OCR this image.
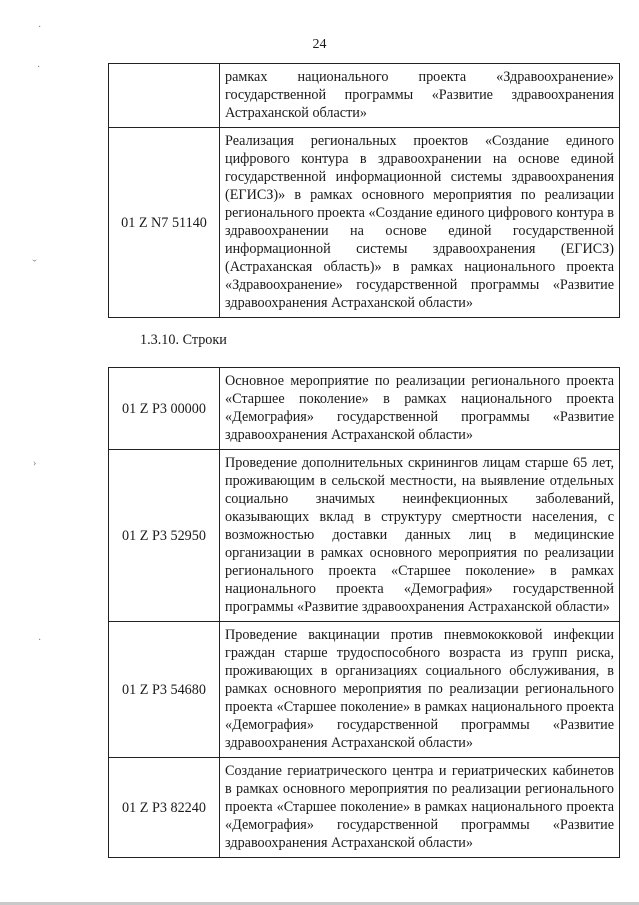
24
	рамках национального проекта «Здравоохранение» государственной программы «Развитие здравоохранения Астраханской области»
01 Z N7 51140	Реализация региональных проектов «Создание единого цифрового контура в здравоохранении на основе единой государственной информационной системы здравоохранения (ЕГИСЗ)» в рамках основного мероприятия по реализации регионального проекта «Создание единого цифрового контура в здравоохранении на основе единой государственной информационной системы здравоохранения (ЕГИСЗ) (Астраханская область)» в рамках национального проекта «Здравоохранение» государственной программы «Развитие здравоохранения Астраханской области»
1.3.10. Строки
01 Z P3 00000	Основное мероприятие по реализации регионального проекта «Старшее поколение» в рамках национального проекта «Демография» государственной программы «Развитие здравоохранения Астраханской области»
01 Z P3 52950	Проведение дополнительных скринингов лицам старше 65 лет, проживающим в сельской местности, на выявление отдельных социально значимых неинфекционных заболеваний, оказывающих вклад в структуру смертности населения, с возможностью доставки данных лиц в медицинские организации в рамках основного мероприятия по реализации регионального проекта «Старшее поколение» в рамках национального проекта «Демография» государственной программы «Развитие здравоохранения Астраханской области»
01 Z P3 54680	Проведение вакцинации против пневмококковой инфекции граждан старше трудоспособного возраста из групп риска, проживающих в организациях социального обслуживания, в рамках основного мероприятия по реализации регионального проекта «Старшее поколение» в рамках национального проекта «Демография» государственной программы «Развитие здравоохранения Астраханской области»
01 Z P3 82240	Создание гериатрического центра и гериатрических кабинетов в рамках основного мероприятия по реализации регионального проекта «Старшее поколение» в рамках национального проекта «Демография» государственной программы «Развитие здравоохранения Астраханской области»
·
·
›
›
·
